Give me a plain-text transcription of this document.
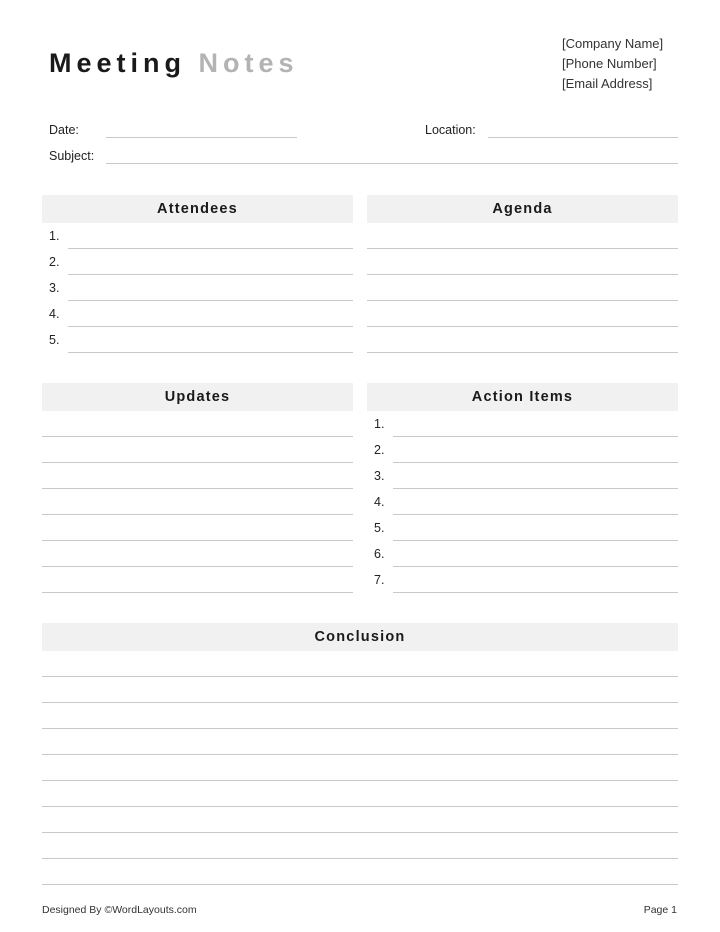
Meeting Notes
[Company Name]
[Phone Number]
[Email Address]
Date:	Location:
Subject:
Attendees
1.
2.
3.
4.
5.
Agenda
Updates	Action Items
1.
2.
3.
4.
5.
6.
7.
Conclusion
Designed By ©WordLayouts.com	Page 1
